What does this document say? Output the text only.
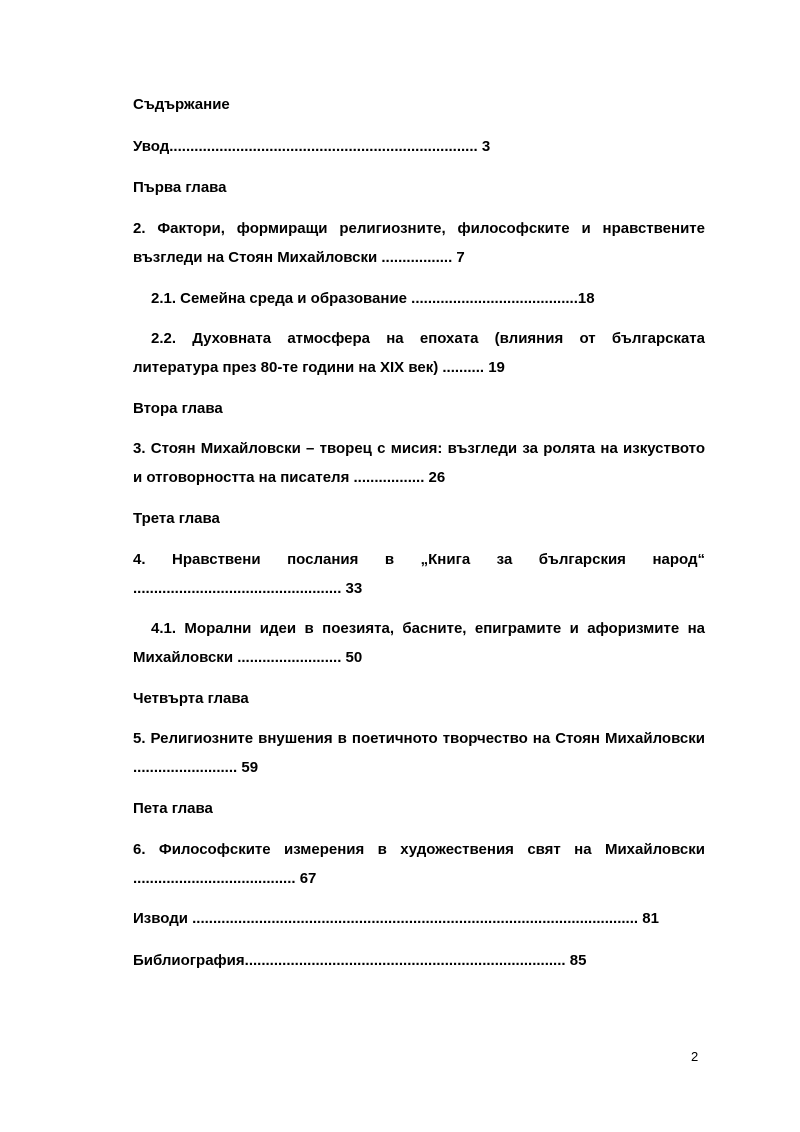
Съдържание
Увод.......................................................................... 3
Първа глава
2. Фактори, формиращи религиозните, философските и нравствените възгледи на Стоян Михайловски ................. 7
2.1. Семейна среда и образование ........................................18
2.2. Духовната атмосфера на епохата (влияния от българската литература през 80-те години на XIX век) .......... 19
Втора глава
3. Стоян Михайловски – творец с мисия: възгледи за ролята на изкуството и отговорността на писателя ................. 26
Трета глава
4. Нравствени послания в „Книга за българския народ“ .................................................. 33
4.1. Морални идеи в поезията, басните, епиграмите и афоризмите на Михайловски ......................... 50
Четвърта глава
5. Религиозните внушения в поетичното творчество на Стоян Михайловски ......................... 59
Пета глава
6. Философските измерения в художествения свят на Михайловски ....................................... 67
Изводи ........................................................................................................... 81
Библиография............................................................................. 85
2
